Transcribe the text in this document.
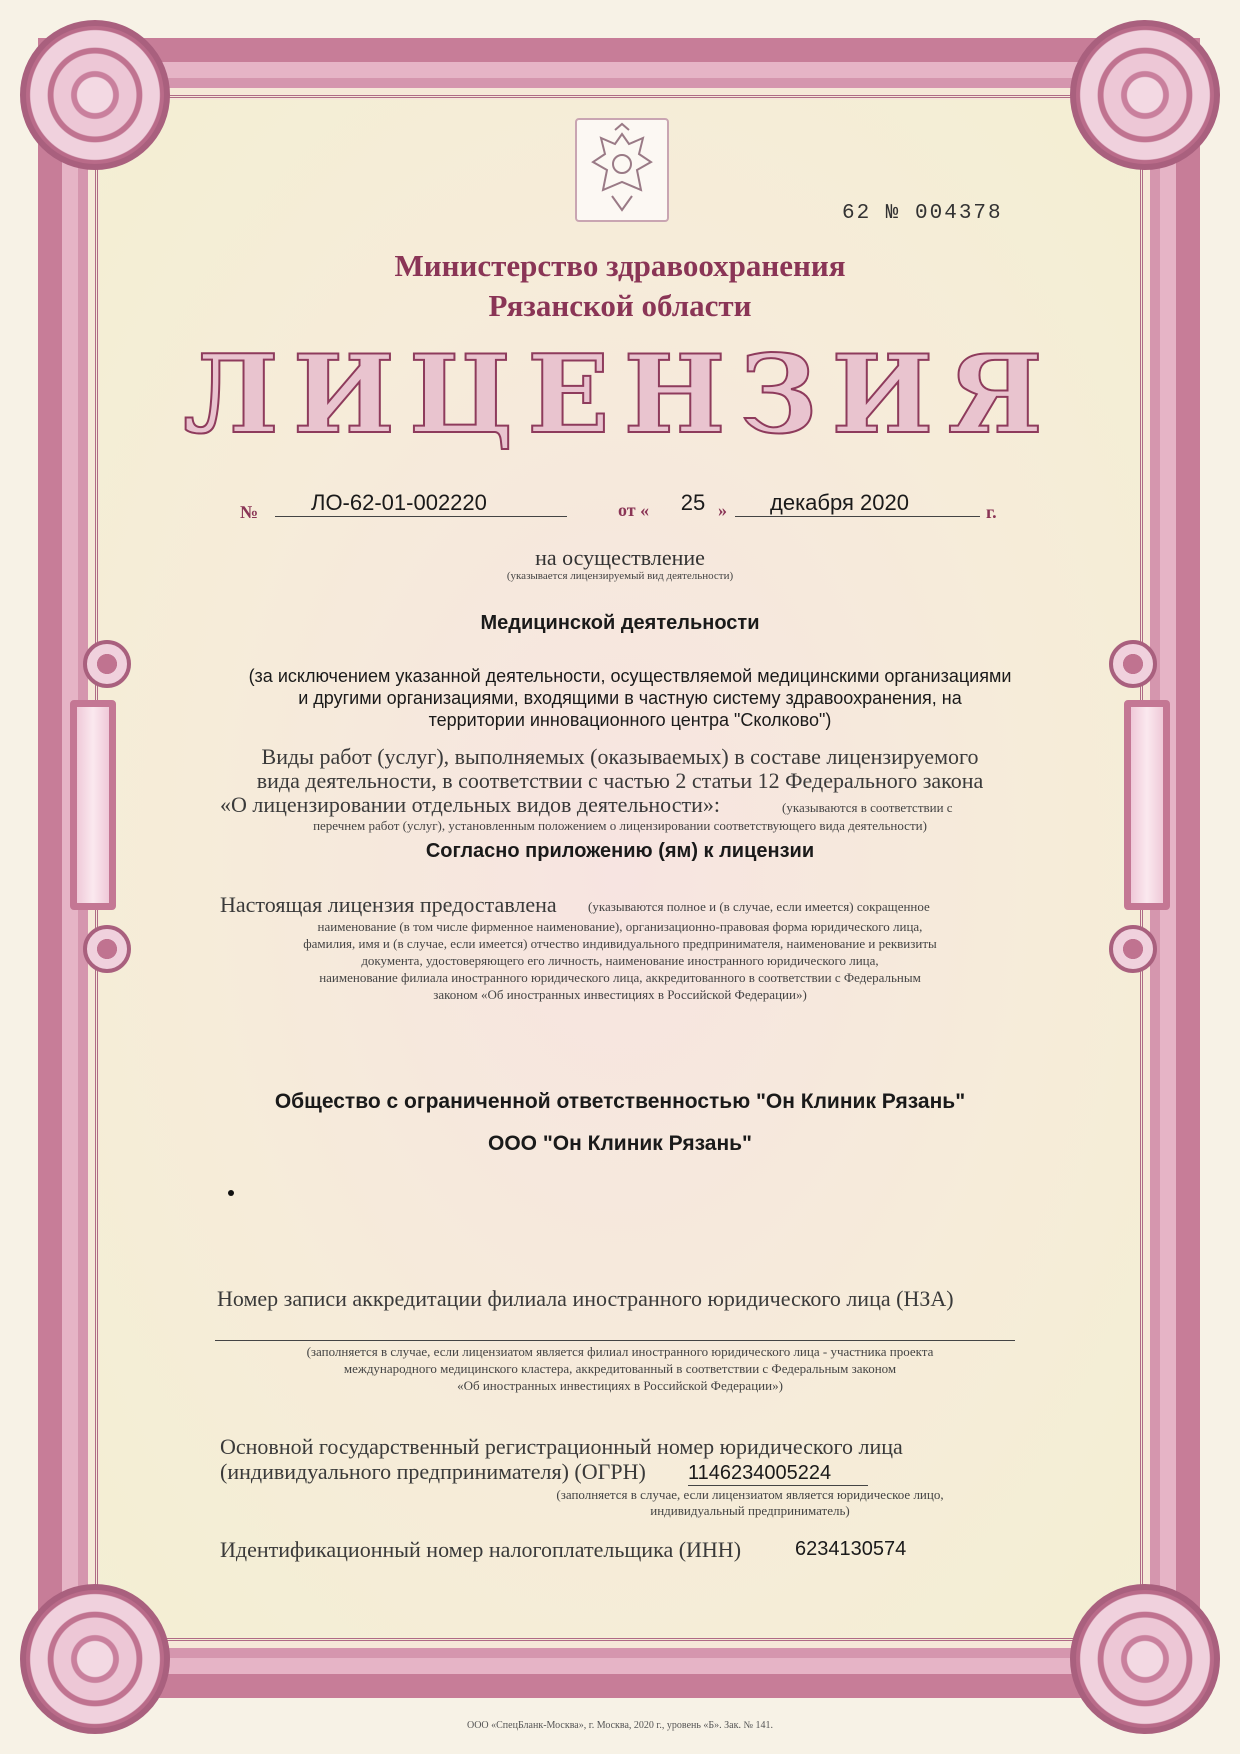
62 № 004378
Министерство здравоохранения
Рязанской области
ЛИЦЕНЗИЯ
№	ЛО-62-01-002220	от «	25 »	декабря 2020	г.
на осуществление
(указывается лицензируемый вид деятельности)
Медицинской деятельности
(за исключением указанной деятельности, осуществляемой медицинскими организациями
и другими организациями, входящими в частную систему здравоохранения, на
территории инновационного центра "Сколково")
Виды работ (услуг), выполняемых (оказываемых) в составе лицензируемого
вида деятельности, в соответствии с частью 2 статьи 12 Федерального закона
«О лицензировании отдельных видов деятельности»:	(указываются в соответствии с
перечнем работ (услуг), установленным положением о лицензировании соответствующего вида деятельности)
Согласно приложению (ям) к лицензии
Настоящая лицензия предоставлена (указываются полное и (в случае, если имеется) сокращенное
наименование (в том числе фирменное наименование), организационно-правовая форма юридического лица,
фамилия, имя и (в случае, если имеется) отчество индивидуального предпринимателя, наименование и реквизиты
документа, удостоверяющего его личность, наименование иностранного юридического лица,
наименование филиала иностранного юридического лица, аккредитованного в соответствии с Федеральным
законом «Об иностранных инвестициях в Российской Федерации»)
Общество с ограниченной ответственностью "Он Клиник Рязань"
ООО "Он Клиник Рязань"
Номер записи аккредитации филиала иностранного юридического лица (НЗА)
(заполняется в случае, если лицензиатом является филиал иностранного юридического лица - участника проекта
международного медицинского кластера, аккредитованный в соответствии с Федеральным законом
«Об иностранных инвестициях в Российской Федерации»)
Основной государственный регистрационный номер юридического лица
(индивидуального предпринимателя) (ОГРН) 1146234005224
(заполняется в случае, если лицензиатом является юридическое лицо,
индивидуальный предприниматель)
Идентификационный номер налогоплательщика (ИНН)	6234130574
ООО «СпецБланк-Москва», г. Москва, 2020 г., уровень «Б». Зак. № 141.
